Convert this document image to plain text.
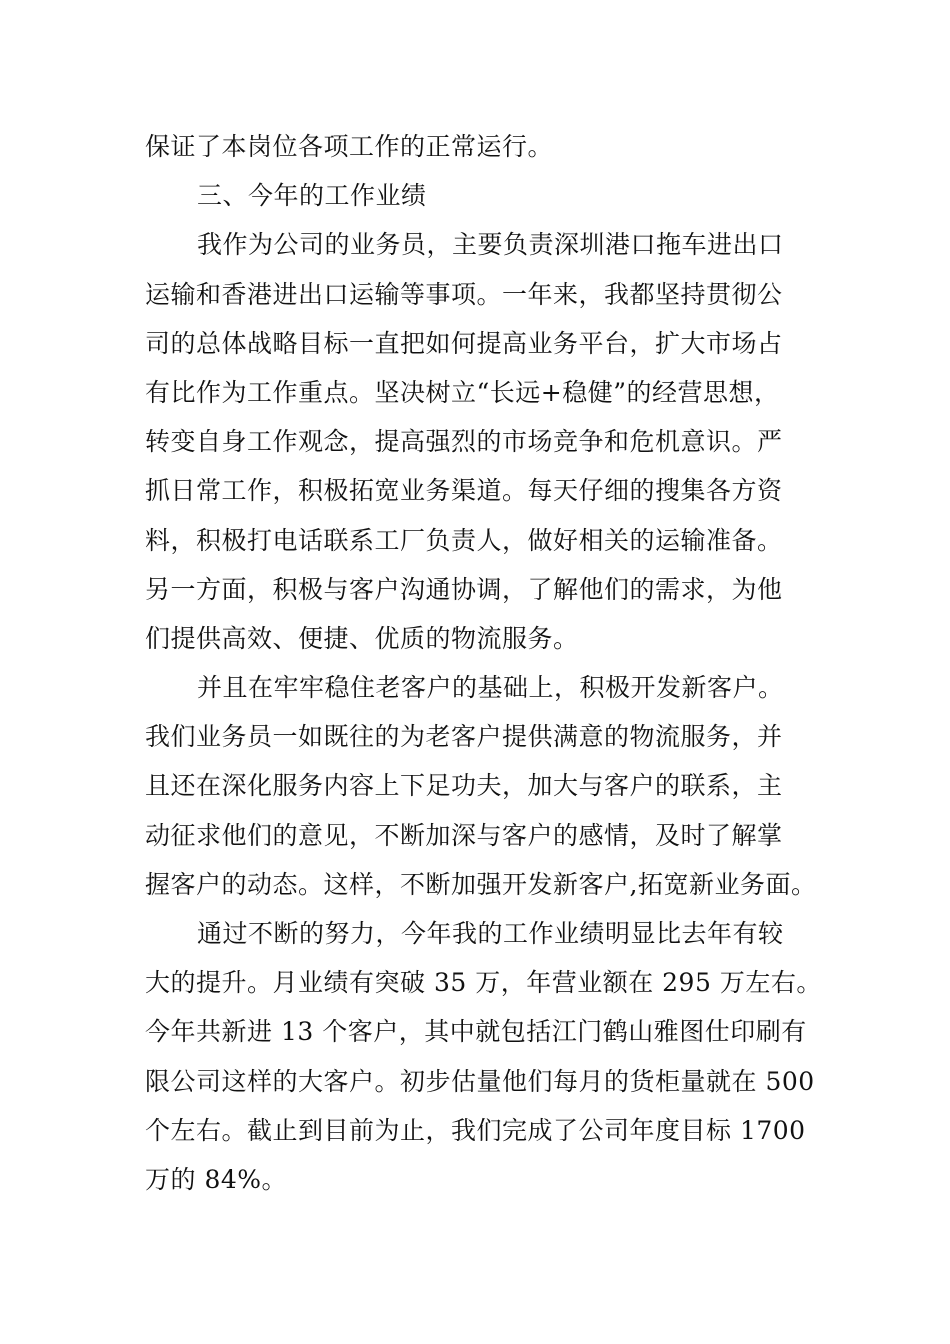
保证了本岗位各项工作的正常运行。
三、今年的工作业绩
我作为公司的业务员，主要负责深圳港口拖车进出口
运输和香港进出口运输等事项。一年来，我都坚持贯彻公
司的总体战略目标一直把如何提高业务平台，扩大市场占
有比作为工作重点。坚决树立“长远+稳健”的经营思想，
转变自身工作观念，提高强烈的市场竞争和危机意识。严
抓日常工作，积极拓宽业务渠道。每天仔细的搜集各方资
料，积极打电话联系工厂负责人，做好相关的运输准备。
另一方面，积极与客户沟通协调，了解他们的需求，为他
们提供高效、便捷、优质的物流服务。
并且在牢牢稳住老客户的基础上，积极开发新客户。
我们业务员一如既往的为老客户提供满意的物流服务，并
且还在深化服务内容上下足功夫，加大与客户的联系，主
动征求他们的意见，不断加深与客户的感情，及时了解掌
握客户的动态。这样，不断加强开发新客户,拓宽新业务面。
通过不断的努力，今年我的工作业绩明显比去年有较
大的提升。月业绩有突破 35 万，年营业额在 295 万左右。
今年共新进 13 个客户，其中就包括江门鹤山雅图仕印刷有
限公司这样的大客户。初步估量他们每月的货柜量就在 500
个左右。截止到目前为止，我们完成了公司年度目标 1700
万的 84%。
